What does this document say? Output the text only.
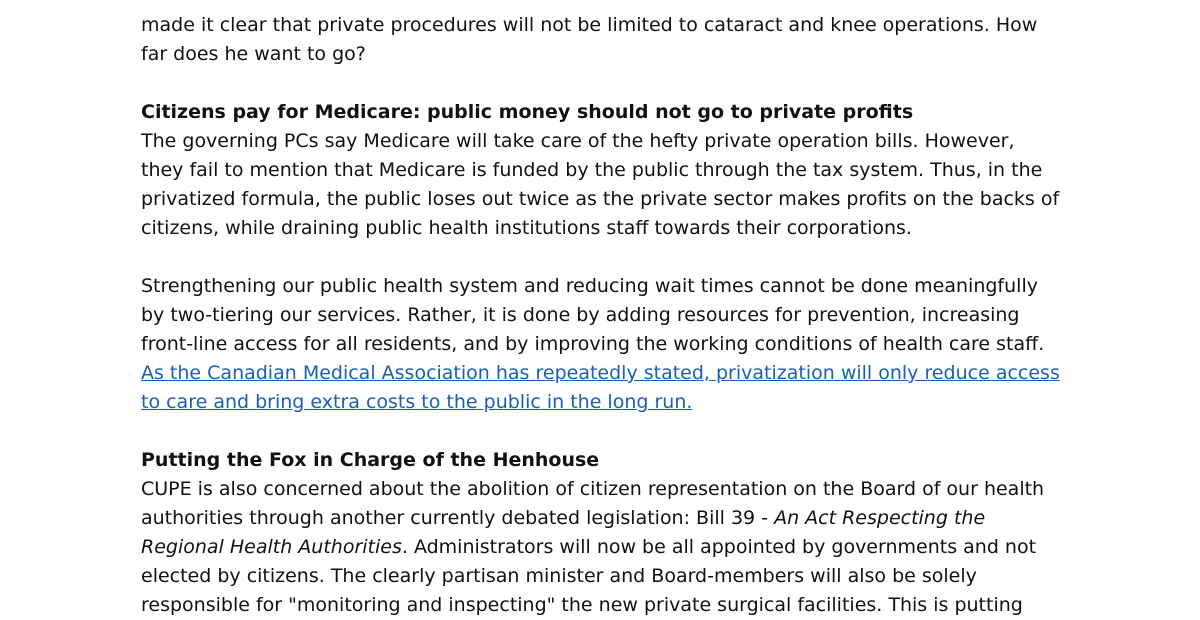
made it clear that private procedures will not be limited to cataract and knee operations. How
far does he want to go?
Citizens pay for Medicare: public money should not go to private profits
The governing PCs say Medicare will take care of the hefty private operation bills. However,
they fail to mention that Medicare is funded by the public through the tax system. Thus, in the
privatized formula, the public loses out twice as the private sector makes profits on the backs of
citizens, while draining public health institutions staff towards their corporations.
Strengthening our public health system and reducing wait times cannot be done meaningfully
by two-tiering our services. Rather, it is done by adding resources for prevention, increasing
front-line access for all residents, and by improving the working conditions of health care staff.
As the Canadian Medical Association has repeatedly stated, privatization will only reduce access
to care and bring extra costs to the public in the long run.
Putting the Fox in Charge of the Henhouse
CUPE is also concerned about the abolition of citizen representation on the Board of our health
authorities through another currently debated legislation: Bill 39 - An Act Respecting the
Regional Health Authorities. Administrators will now be all appointed by governments and not
elected by citizens. The clearly partisan minister and Board-members will also be solely
responsible for "monitoring and inspecting" the new private surgical facilities. This is putting
